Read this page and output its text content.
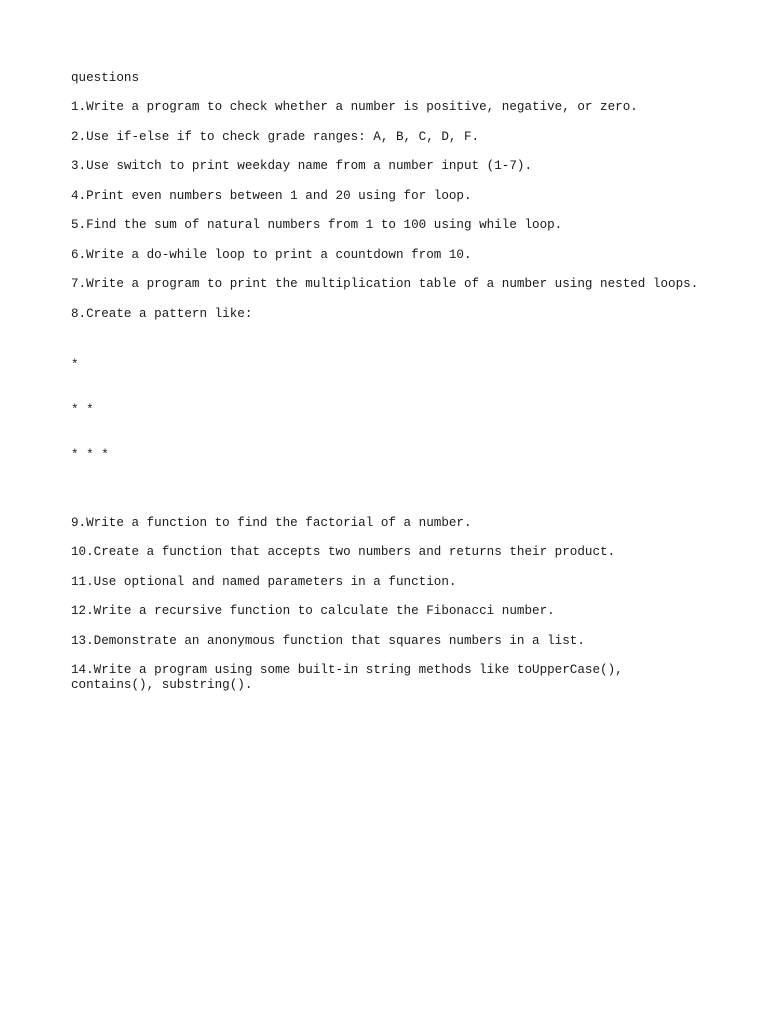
questions
1.Write a program to check whether a number is positive, negative, or zero.
2.Use if-else if to check grade ranges: A, B, C, D, F.
3.Use switch to print weekday name from a number input (1-7).
4.Print even numbers between 1 and 20 using for loop.
5.Find the sum of natural numbers from 1 to 100 using while loop.
6.Write a do-while loop to print a countdown from 10.
7.Write a program to print the multiplication table of a number using nested loops.
8.Create a pattern like:

*

* *

* * *

9.Write a function to find the factorial of a number.
10.Create a function that accepts two numbers and returns their product.
11.Use optional and named parameters in a function.
12.Write a recursive function to calculate the Fibonacci number.
13.Demonstrate an anonymous function that squares numbers in a list.
14.Write a program using some built-in string methods like toUpperCase(),
contains(), substring().
